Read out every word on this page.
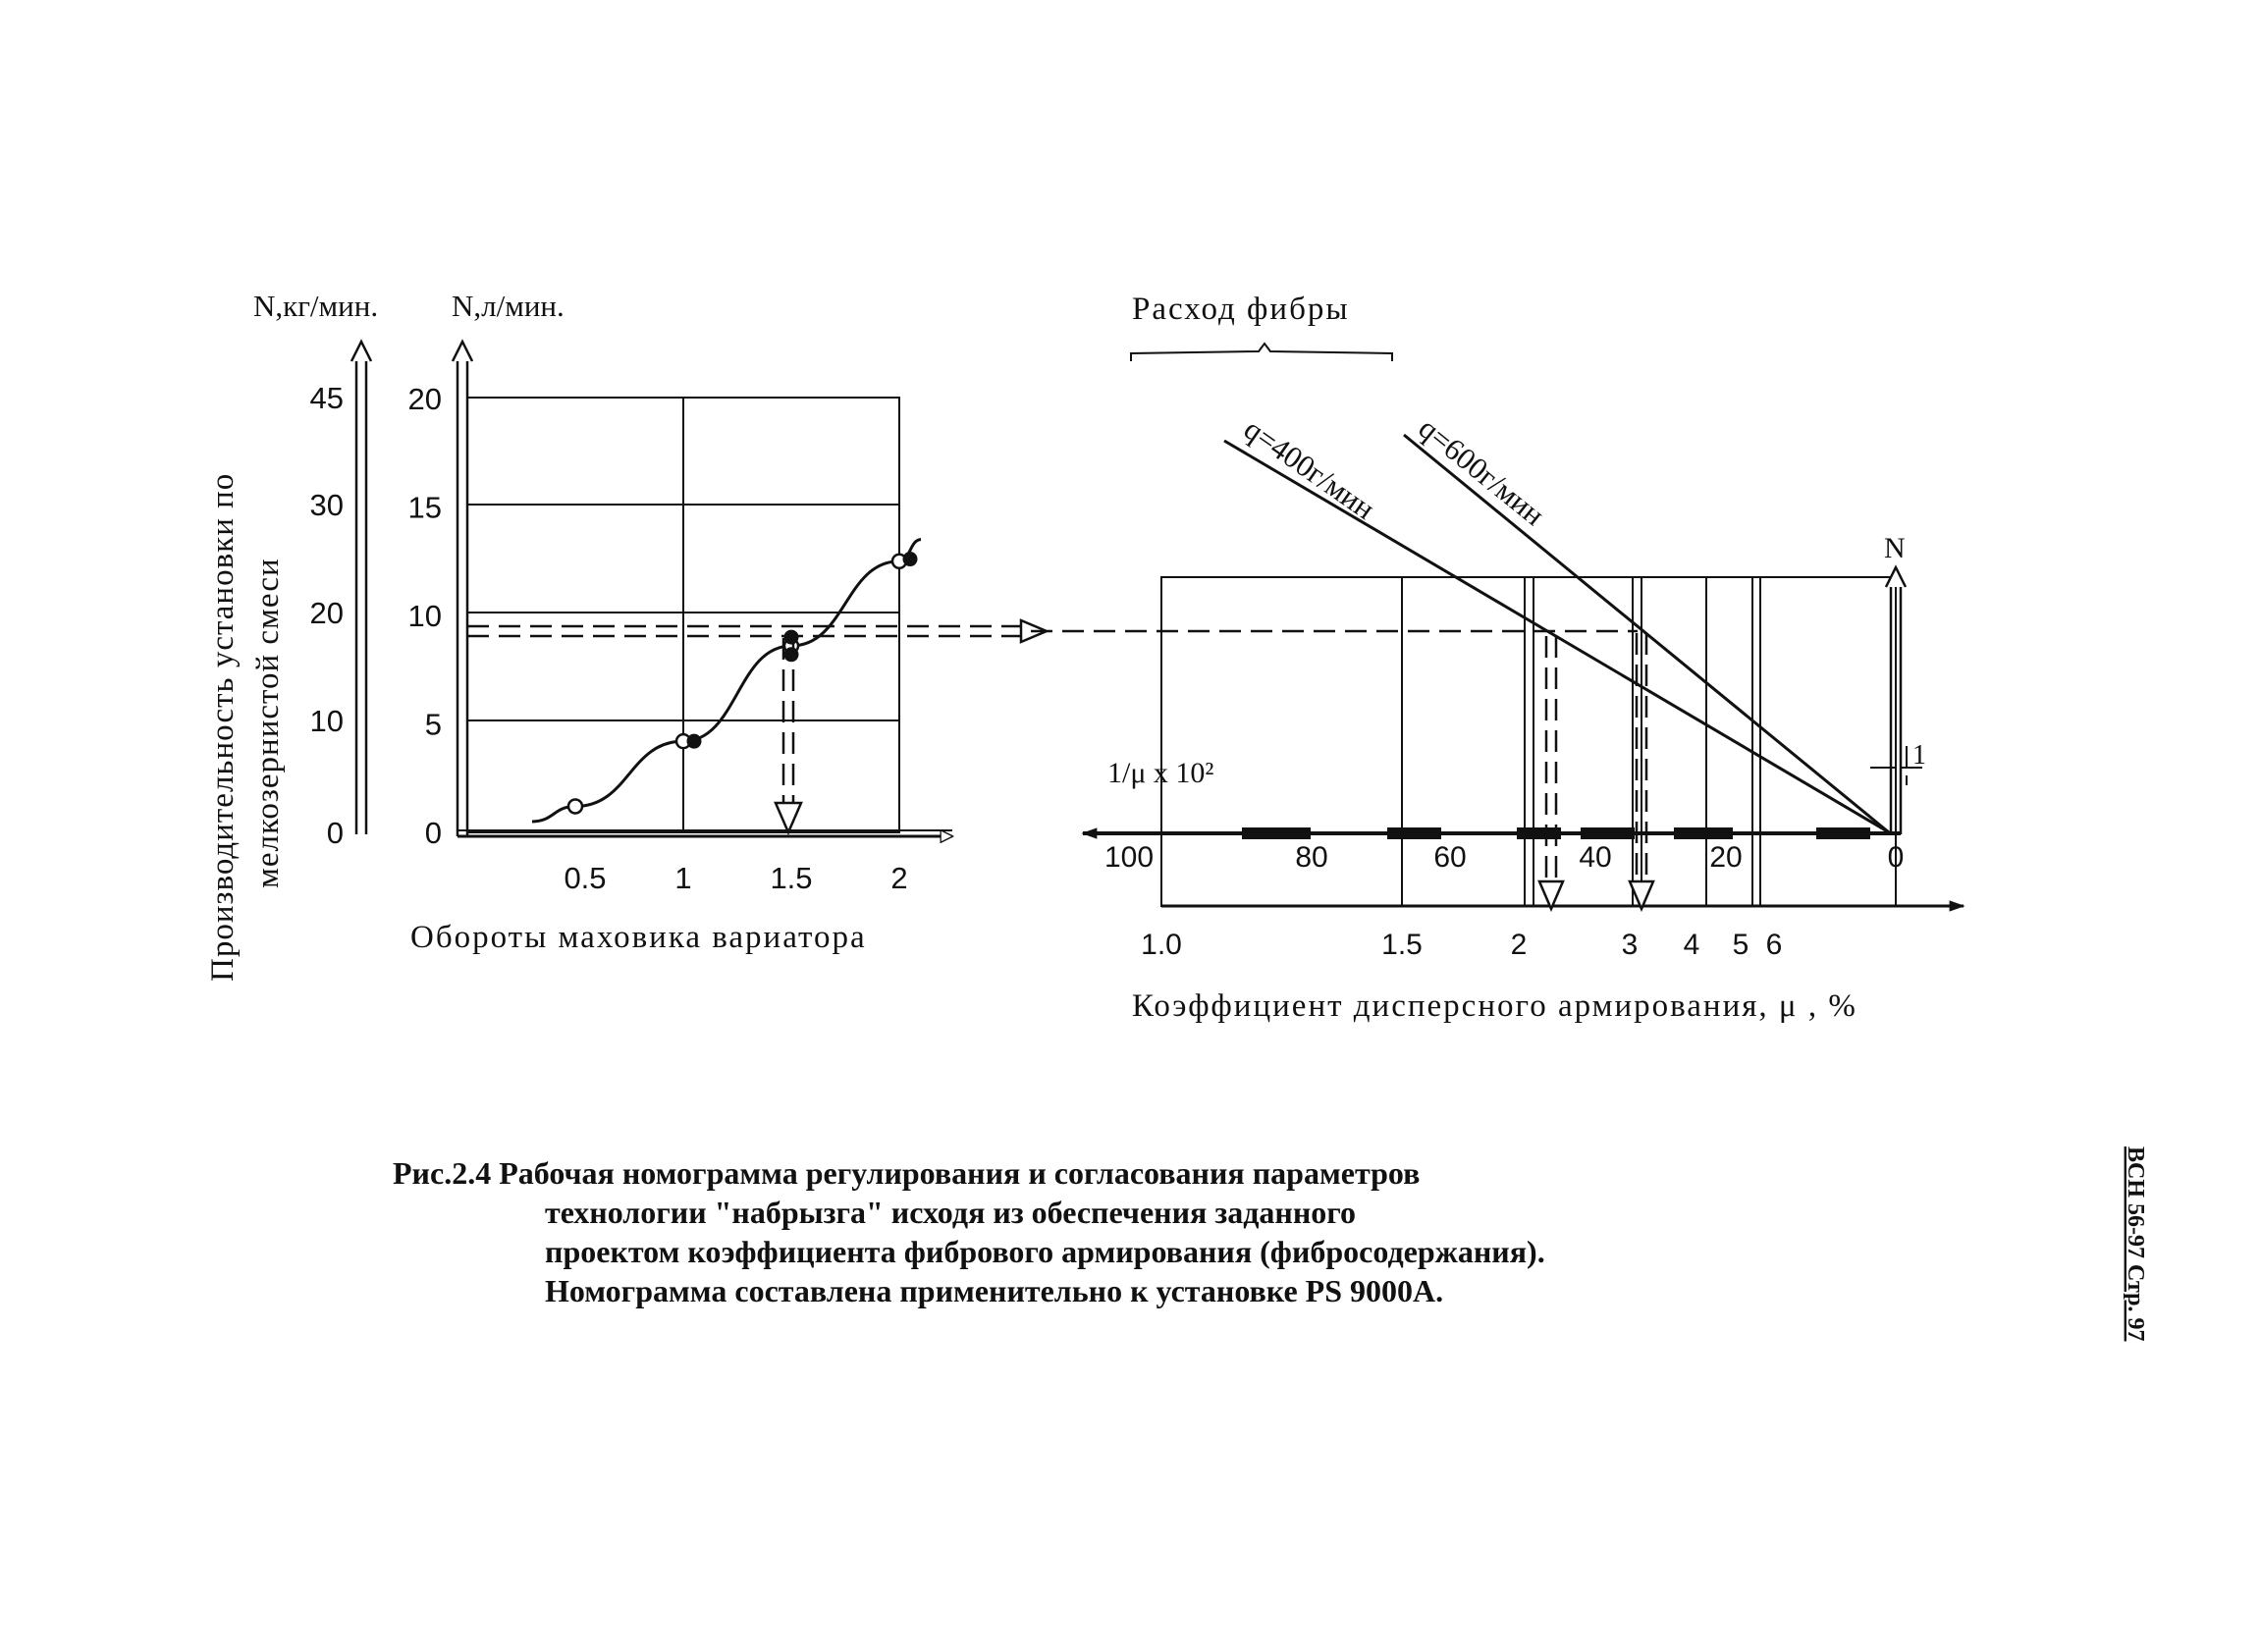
Производительность установки по мелкозернистой смеси
N,кг/мин. N,л/мин.
0
10
20
30
45
0
5
10
15
20
0.5 1	1.5	2
Обороты маховика вариатора
Расход фибры
N
1
1/μ x 10²
100	80	60	40	20	0
1.0	1.5	2	3 4 5 6
Коэффициент дисперсного армирования, μ , %
q=400г/мин q=600г/мин
Рис.2.4 Рабочая номограмма регулирования и согласования параметров
технологии "набрызга" исходя из обеспечения заданного
проектом коэффициента фибрового армирования (фибросодержания).
Номограмма составлена применительно к установке PS 9000А.	ВСН 56-97 Стр. 97
